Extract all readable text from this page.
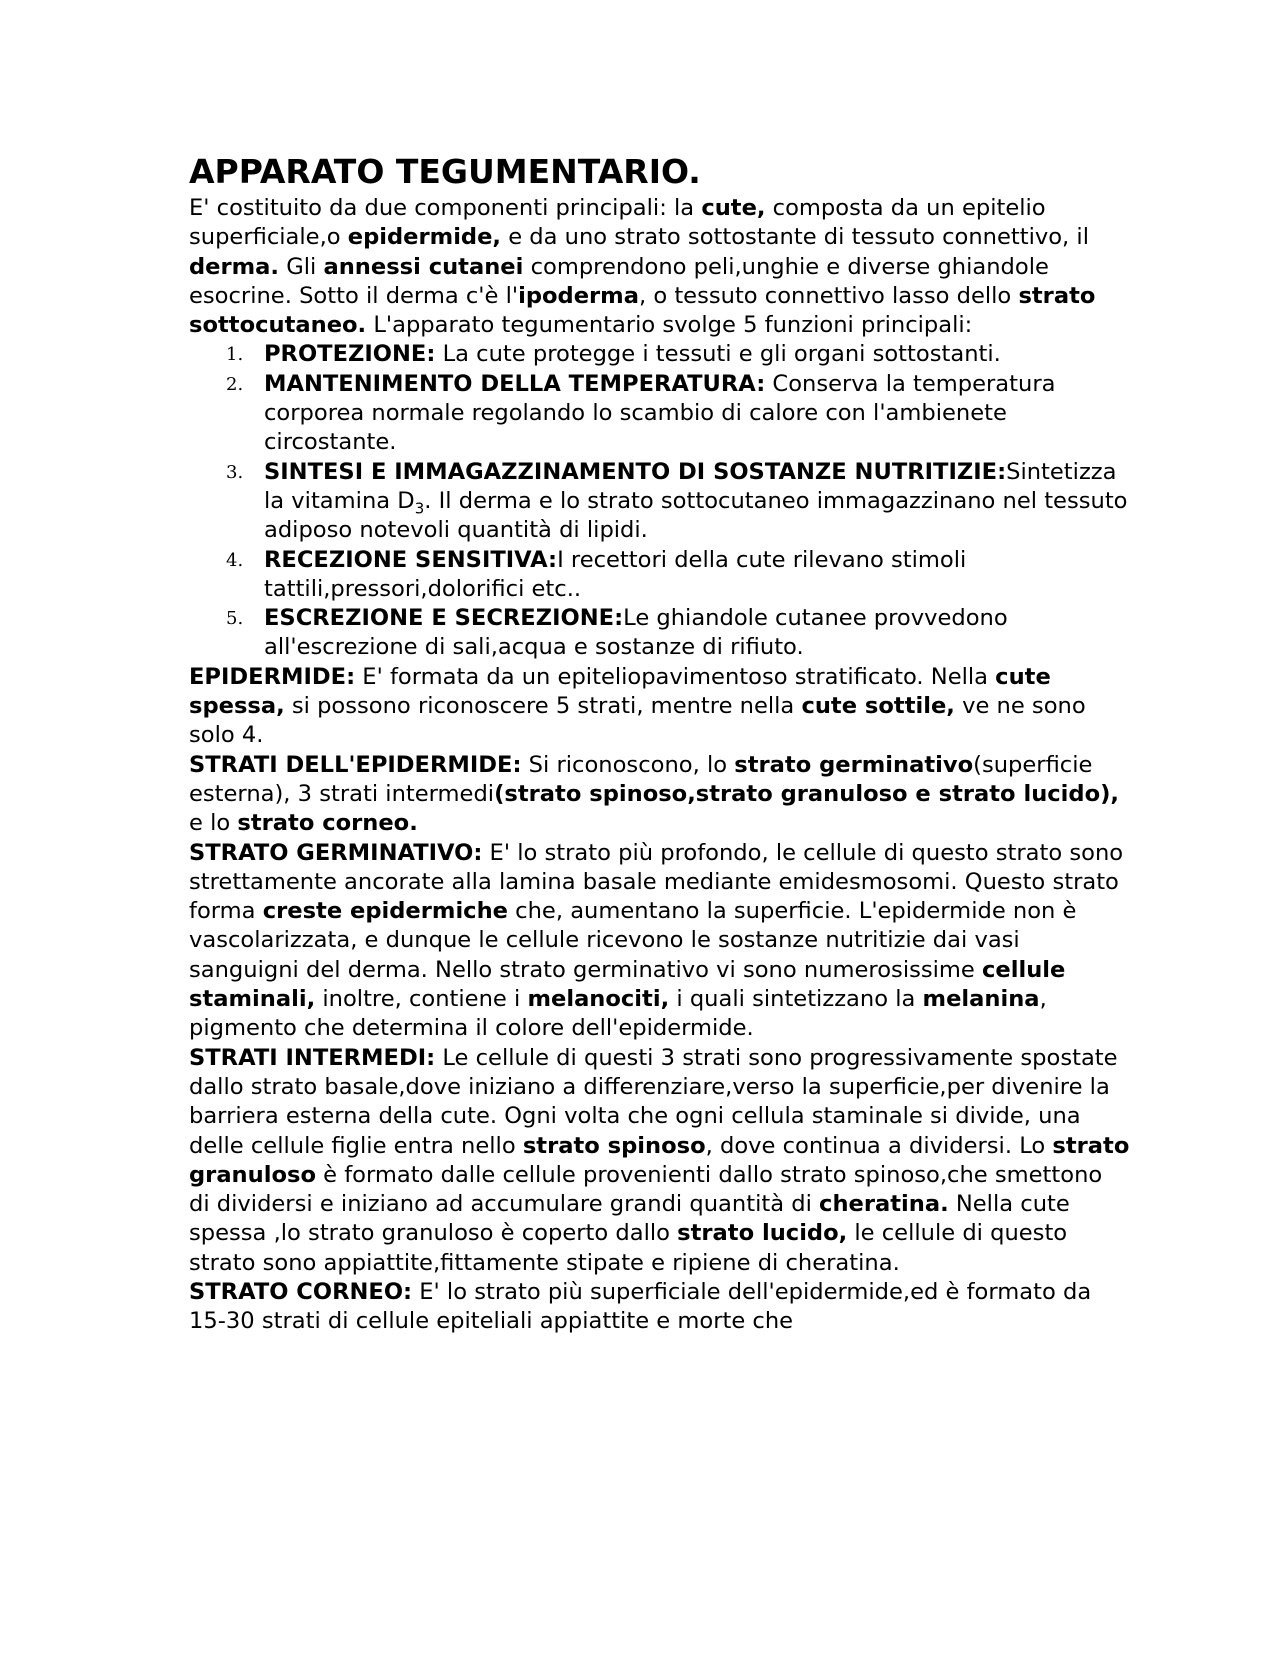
APPARATO TEGUMENTARIO.

E' costituito da due componenti principali: la cute, composta da un epitelio superficiale,o epidermide, e da uno strato sottostante di tessuto connettivo, il derma. Gli annessi cutanei comprendono peli,unghie e diverse ghiandole esocrine. Sotto il derma c'è l'ipoderma, o tessuto connettivo lasso dello strato sottocutaneo. L'apparato tegumentario svolge 5 funzioni principali:

1. PROTEZIONE: La cute protegge i tessuti e gli organi sottostanti.
2. MANTENIMENTO DELLA TEMPERATURA: Conserva la temperatura corporea normale regolando lo scambio di calore con l'ambienete circostante.
3. SINTESI E IMMAGAZZINAMENTO DI SOSTANZE NUTRITIZIE:Sintetizza la vitamina $D_3$. Il derma e lo strato sottocutaneo immagazzinano nel tessuto adiposo notevoli quantità di lipidi.
4. RECEZIONE SENSITIVA:I recettori della cute rilevano stimoli tattili,pressori,dolorifici etc..
5. ESCREZIONE E SECREZIONE:Le ghiandole cutanee provvedono all'escrezione di sali,acqua e sostanze di rifiuto.

EPIDERMIDE: E' formata da un epiteliopavimentoso stratificato. Nella cute spessa, si possono riconoscere 5 strati, mentre nella cute sottile, ve ne sono solo 4.

STRATI DELL'EPIDERMIDE: Si riconoscono, lo strato germinativo(superficie esterna), 3 strati intermedi(strato spinoso,strato granuloso e strato lucido), e lo strato corneo.

STRATO GERMINATIVO: E' lo strato più profondo, le cellule di questo strato sono strettamente ancorate alla lamina basale mediante emidesmosomi. Questo strato forma creste epidermiche che, aumentano la superficie. L'epidermide non è vascolarizzata, e dunque le cellule ricevono le sostanze nutritizie dai vasi sanguigni del derma. Nello strato germinativo vi sono numerosissime cellule staminali, inoltre, contiene i melanociti, i quali sintetizzano la melanina, pigmento che determina il colore dell'epidermide.

STRATI INTERMEDI: Le cellule di questi 3 strati sono progressivamente spostate dallo strato basale,dove iniziano a differenziare,verso la superficie,per divenire la barriera esterna della cute. Ogni volta che ogni cellula staminale si divide, una delle cellule figlie entra nello strato spinoso, dove continua a dividersi. Lo strato granuloso è formato dalle cellule provenienti dallo strato spinoso,che smettono di dividersi e iniziano ad accumulare grandi quantità di cheratina. Nella cute spessa ,lo strato granuloso è coperto dallo strato lucido, le cellule di questo strato sono appiattite,fittamente stipate e ripiene di cheratina.

STRATO CORNEO: E' lo strato più superficiale dell'epidermide,ed è formato da 15-30 strati di cellule epiteliali appiattite e morte che
